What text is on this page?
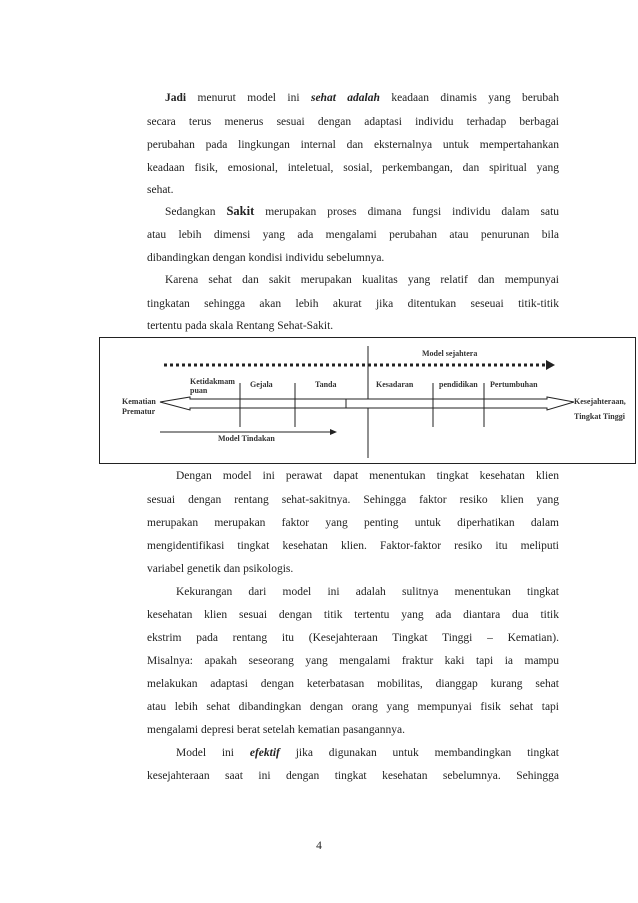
Jadi menurut model ini sehat adalah keadaan dinamis yang berubah
secara terus menerus sesuai dengan adaptasi individu terhadap berbagai
perubahan pada lingkungan internal dan eksternalnya untuk mempertahankan
keadaan fisik, emosional, inteletual, sosial, perkembangan, dan spiritual yang
sehat.
Sedangkan Sakit merupakan proses dimana fungsi individu dalam satu
atau lebih dimensi yang ada mengalami perubahan atau penurunan bila
dibandingkan dengan kondisi individu sebelumnya.
Karena sehat dan sakit merupakan kualitas yang relatif dan mempunyai
tingkatan sehingga akan lebih akurat jika ditentukan seseuai titik-titik
tertentu pada skala Rentang Sehat-Sakit.
Model sejahtera
Ketidakmampuan
Gejala	Tanda	Kesadaran	pendidikan Pertumbuhan
Kematian
Prematur
Kesejahteraan,
Tingkat Tinggi
Model Tindakan
Dengan model ini perawat dapat menentukan tingkat kesehatan klien
sesuai dengan rentang sehat-sakitnya. Sehingga faktor resiko klien yang
merupakan merupakan faktor yang penting untuk diperhatikan dalam
mengidentifikasi tingkat kesehatan klien. Faktor-faktor resiko itu meliputi
variabel genetik dan psikologis.
Kekurangan dari model ini adalah sulitnya menentukan tingkat
kesehatan klien sesuai dengan titik tertentu yang ada diantara dua titik
ekstrim pada rentang itu (Kesejahteraan Tingkat Tinggi – Kematian).
Misalnya: apakah seseorang yang mengalami fraktur kaki tapi ia mampu
melakukan adaptasi dengan keterbatasan mobilitas, dianggap kurang sehat
atau lebih sehat dibandingkan dengan orang yang mempunyai fisik sehat tapi
mengalami depresi berat setelah kematian pasangannya.
Model ini efektif jika digunakan untuk membandingkan tingkat
kesejahteraan saat ini dengan tingkat kesehatan sebelumnya. Sehingga
4
